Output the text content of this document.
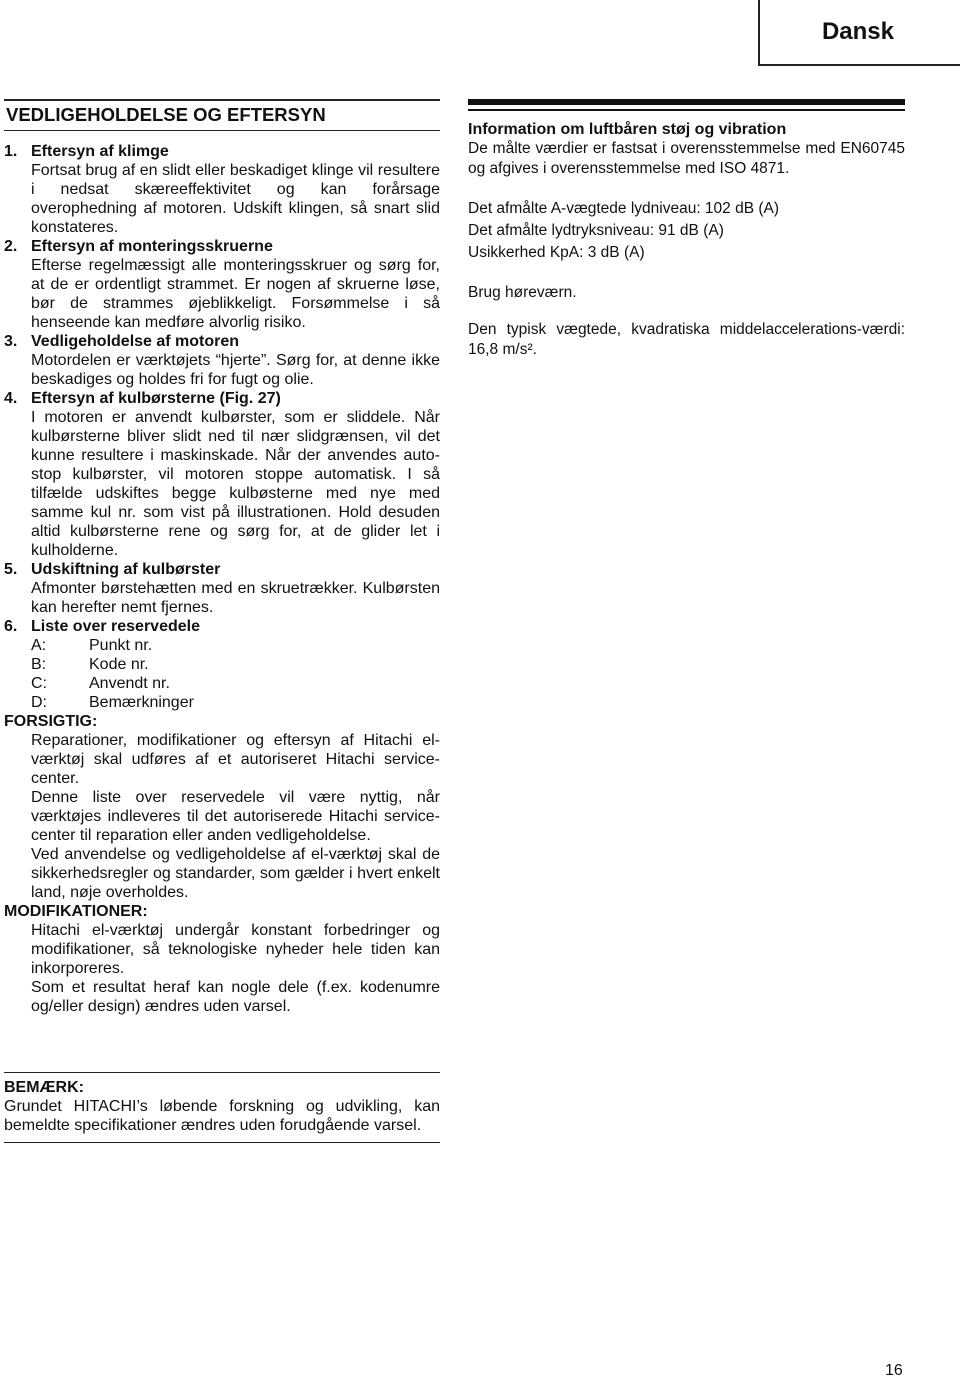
Dansk
VEDLIGEHOLDELSE OG EFTERSYN
1. Eftersyn af klimge

Fortsat brug af en slidt eller beskadiget klinge vil resultere i nedsat skæreeffektivitet og kan forårsage overophedning af motoren. Udskift klingen, så snart slid konstateres.

2. Eftersyn af monteringsskruerne

Efterse regelmæssigt alle monteringsskruer og sørg for, at de er ordentligt strammet. Er nogen af skruerne løse, bør de strammes øjeblikkeligt. Forsømmelse i så henseende kan medføre alvorlig risiko.

3. Vedligeholdelse af motoren

Motordelen er værktøjets “hjerte”. Sørg for, at denne ikke beskadiges og holdes fri for fugt og olie.

4. Eftersyn af kulbørsterne (Fig. 27)

I motoren er anvendt kulbørster, som er sliddele. Når kulbørsterne bliver slidt ned til nær slidgrænsen, vil det kunne resultere i maskinskade. Når der anvendes auto-stop kulbørster, vil motoren stoppe automatisk. I så tilfælde udskiftes begge kulbøsterne med nye med samme kul nr. som vist på illustrationen. Hold desuden altid kulbørsterne rene og sørg for, at de glider let i kulholderne.

5. Udskiftning af kulbørster

Afmonter børstehætten med en skruetrækker. Kulbørsten kan herefter nemt fjernes.

6. Liste over reservedele
A:	Punkt nr.
B:	Kode nr.
C:	Anvendt nr.
D:	Bemærkninger
FORSIGTIG:

Reparationer, modifikationer og eftersyn af Hitachi el-værktøj skal udføres af et autoriseret Hitachi service-center.

Denne liste over reservedele vil være nyttig, når værktøjes indleveres til det autoriserede Hitachi service-center til reparation eller anden vedligeholdelse.

Ved anvendelse og vedligeholdelse af el-værktøj skal de sikkerhedsregler og standarder, som gælder i hvert enkelt land, nøje overholdes.

MODIFIKATIONER:

Hitachi el-værktøj undergår konstant forbedringer og modifikationer, så teknologiske nyheder hele tiden kan inkorporeres.

Som et resultat heraf kan nogle dele (f.ex. kodenumre og/eller design) ændres uden varsel.

BEMÆRK:

Grundet HITACHI’s løbende forskning og udvikling, kan bemeldte specifikationer ændres uden forudgående varsel.

Information om luftbåren støj og vibration

De målte værdier er fastsat i overensstemmelse med EN60745 og afgives i overensstemmelse med ISO 4871.

Det afmålte A-vægtede lydniveau: 102 dB (A)
Det afmålte lydtryksniveau: 91 dB (A)
Usikkerhed KpA: 3 dB (A)
Brug høreværn.

Den typisk vægtede, kvadratiska middelaccelerations-værdi: 16,8 m/s².

16
